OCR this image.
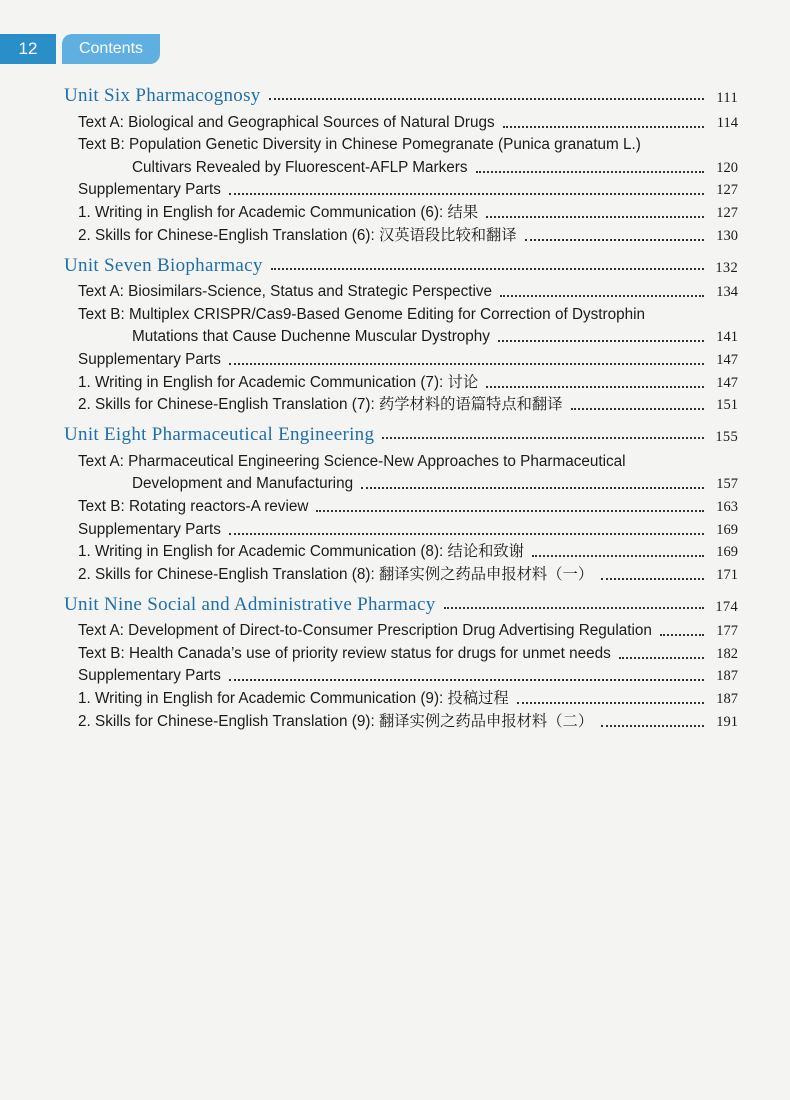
12	Contents
Unit Six Pharmacognosy	111
Text A: Biological and Geographical Sources of Natural Drugs	114
Text B: Population Genetic Diversity in Chinese Pomegranate (Punica granatum L.)
Cultivars Revealed by Fluorescent-AFLP Markers	120
Supplementary Parts	127
1. Writing in English for Academic Communication (6): 结果	127
2. Skills for Chinese-English Translation (6): 汉英语段比较和翻译	130
Unit Seven Biopharmacy	132
Text A: Biosimilars-Science, Status and Strategic Perspective	134
Text B: Multiplex CRISPR/Cas9-Based Genome Editing for Correction of Dystrophin
Mutations that Cause Duchenne Muscular Dystrophy	141
Supplementary Parts	147
1. Writing in English for Academic Communication (7): 讨论	147
2. Skills for Chinese-English Translation (7): 药学材料的语篇特点和翻译	151
Unit Eight Pharmaceutical Engineering	155
Text A: Pharmaceutical Engineering Science-New Approaches to Pharmaceutical
Development and Manufacturing	157
Text B: Rotating reactors-A review	163
Supplementary Parts	169
1. Writing in English for Academic Communication (8): 结论和致谢	169
2. Skills for Chinese-English Translation (8): 翻译实例之药品申报材料（一）	171
Unit Nine Social and Administrative Pharmacy	174
Text A: Development of Direct-to-Consumer Prescription Drug Advertising Regulation	177
Text B: Health Canada’s use of priority review status for drugs for unmet needs	182
Supplementary Parts	187
1. Writing in English for Academic Communication (9): 投稿过程	187
2. Skills for Chinese-English Translation (9): 翻译实例之药品申报材料（二）	191
